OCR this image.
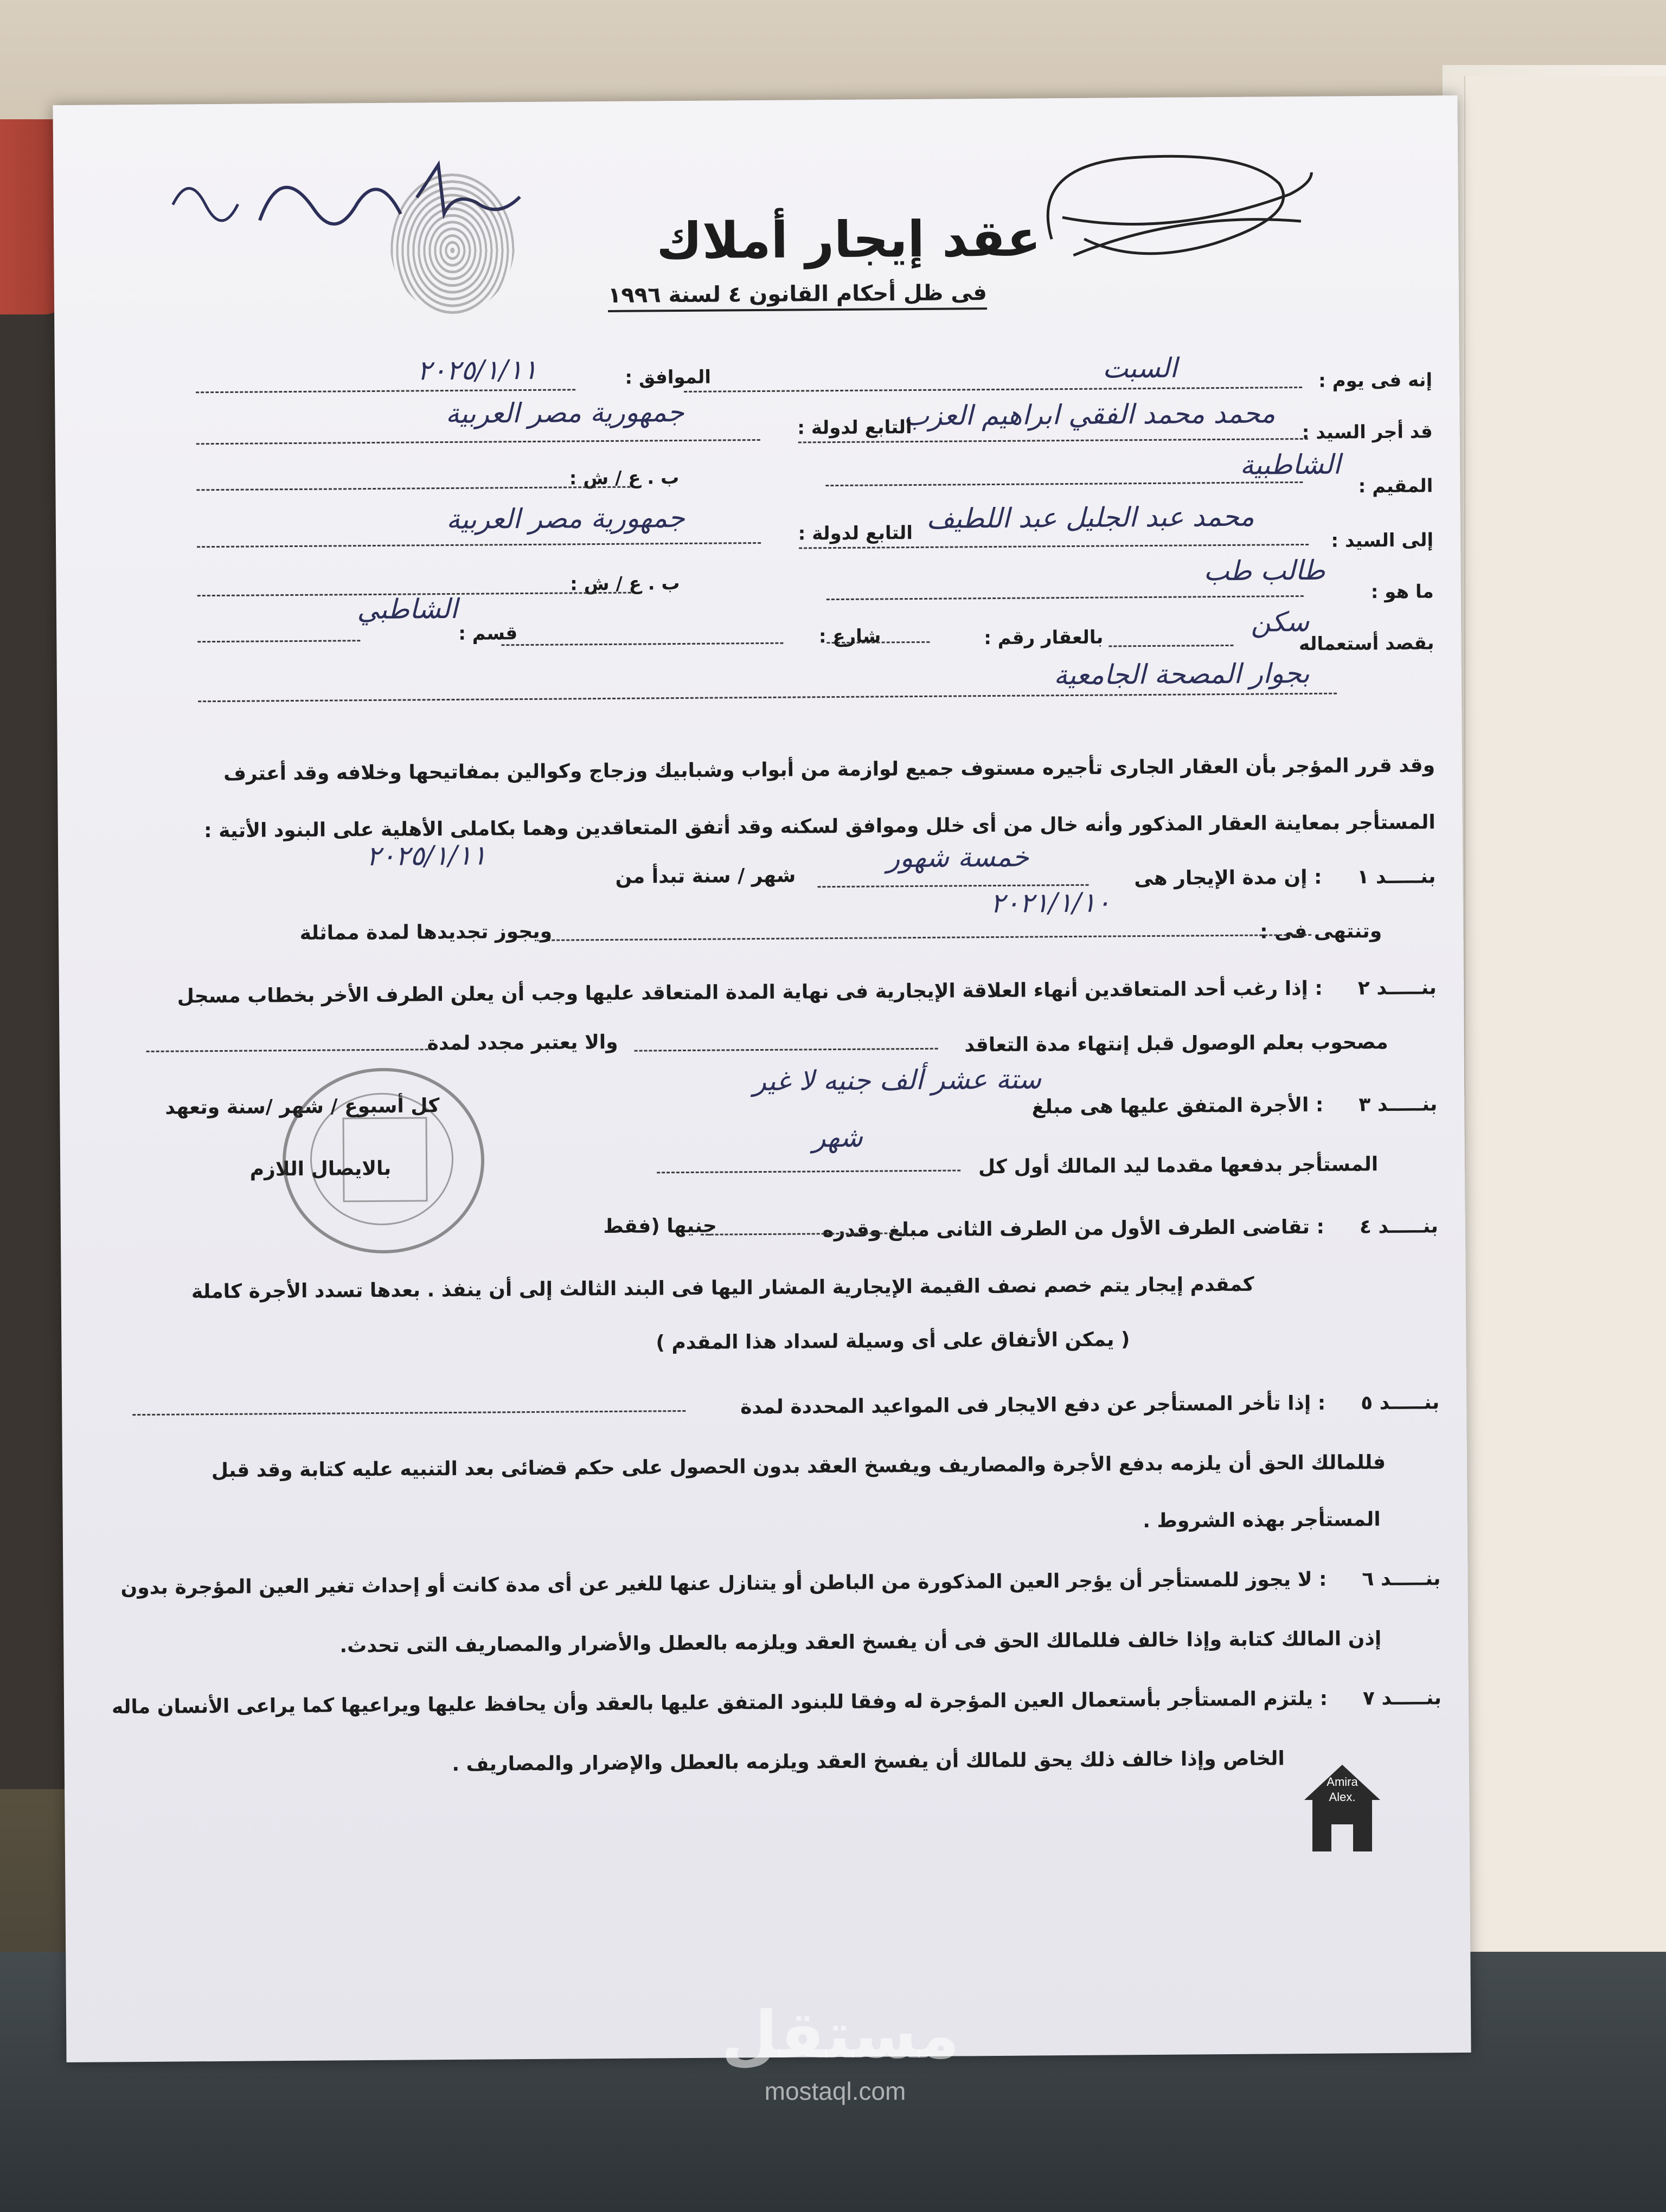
عقد إيجار أملاك
فى ظل أحكام القانون ٤ لسنة ١٩٩٦
إنه فى يوم :
السبت
الموافق :
٢٠٢٥/١/١١
قد أجر السيد :
محمد محمد الفقي ابراهيم العزب
التابع لدولة :
جمهورية مصر العربية
ب . ع / ش :	المقيم :
الشاطبية
إلى السيد :
محمد عبد الجليل عبد اللطيف
التابع لدولة :
جمهورية مصر العربية
ما هو :
طالب طب
ب . ع / ش :
بقصد أستعماله
سكن
بالعقار رقم :
شارع :
قسم :
الشاطبي
بجوار المصحة الجامعية
وقد قرر المؤجر بأن العقار الجارى تأجيره مستوف جميع لوازمة من أبواب وشبابيك وزجاج وكوالين بمفاتيحها وخلافه وقد أعترف
المستأجر بمعاينة العقار المذكور وأنه خال من أى خلل وموافق لسكنه وقد أتفق المتعاقدين وهما بكاملى الأهلية على البنود الأتية :
بنـــــد ١
: إن مدة الإيجار هى
خمسة شهور
شهر / سنة تبدأ من
٢٠٢٥/١/١١
وتنتهى فى :
٢٠٢١/١/١٠
ويجوز تجديدها لمدة مماثلة
بنـــــد ٢
: إذا رغب أحد المتعاقدين أنهاء العلاقة الإيجارية فى نهاية المدة المتعاقد عليها وجب أن يعلن الطرف الأخر بخطاب مسجل
مصحوب بعلم الوصول قبل إنتهاء مدة التعاقد
والا يعتبر مجدد لمدة
بنـــــد ٣
: الأجرة المتفق عليها هى مبلغ
ستة عشر ألف جنيه لا غير
كل أسبوع / شهر /سنة وتعهد
المستأجر بدفعها مقدما ليد المالك أول كل
شهر
بالايصال اللازم
بنـــــد ٤
: تقاضى الطرف الأول من الطرف الثانى مبلغ وقدره
جنيها (فقط
كمقدم إيجار يتم خصم نصف القيمة الإيجارية المشار اليها فى البند الثالث إلى أن ينفذ . بعدها تسدد الأجرة كاملة
( يمكن الأتفاق على أى وسيلة لسداد هذا المقدم )
بنـــــد ٥
: إذا تأخر المستأجر عن دفع الايجار فى المواعيد المحددة لمدة
فللمالك الحق أن يلزمه بدفع الأجرة والمصاريف ويفسخ العقد بدون الحصول على حكم قضائى بعد التنبيه عليه كتابة وقد قبل
المستأجر بهذه الشروط .
بنـــــد ٦
: لا يجوز للمستأجر أن يؤجر العين المذكورة من الباطن أو يتنازل عنها للغير عن أى مدة كانت أو إحداث تغير العين المؤجرة بدون
إذن المالك كتابة وإذا خالف فللمالك الحق فى أن يفسخ العقد ويلزمه بالعطل والأضرار والمصاريف التى تحدث.
بنـــــد ٧
: يلتزم المستأجر بأستعمال العين المؤجرة له وفقا للبنود المتفق عليها بالعقد وأن يحافظ عليها ويراعيها كما يراعى الأنسان ماله
الخاص وإذا خالف ذلك يحق للمالك أن يفسخ العقد ويلزمه بالعطل والإضرار والمصاريف .
Amira
Alex.
مستقل
mostaql.com
